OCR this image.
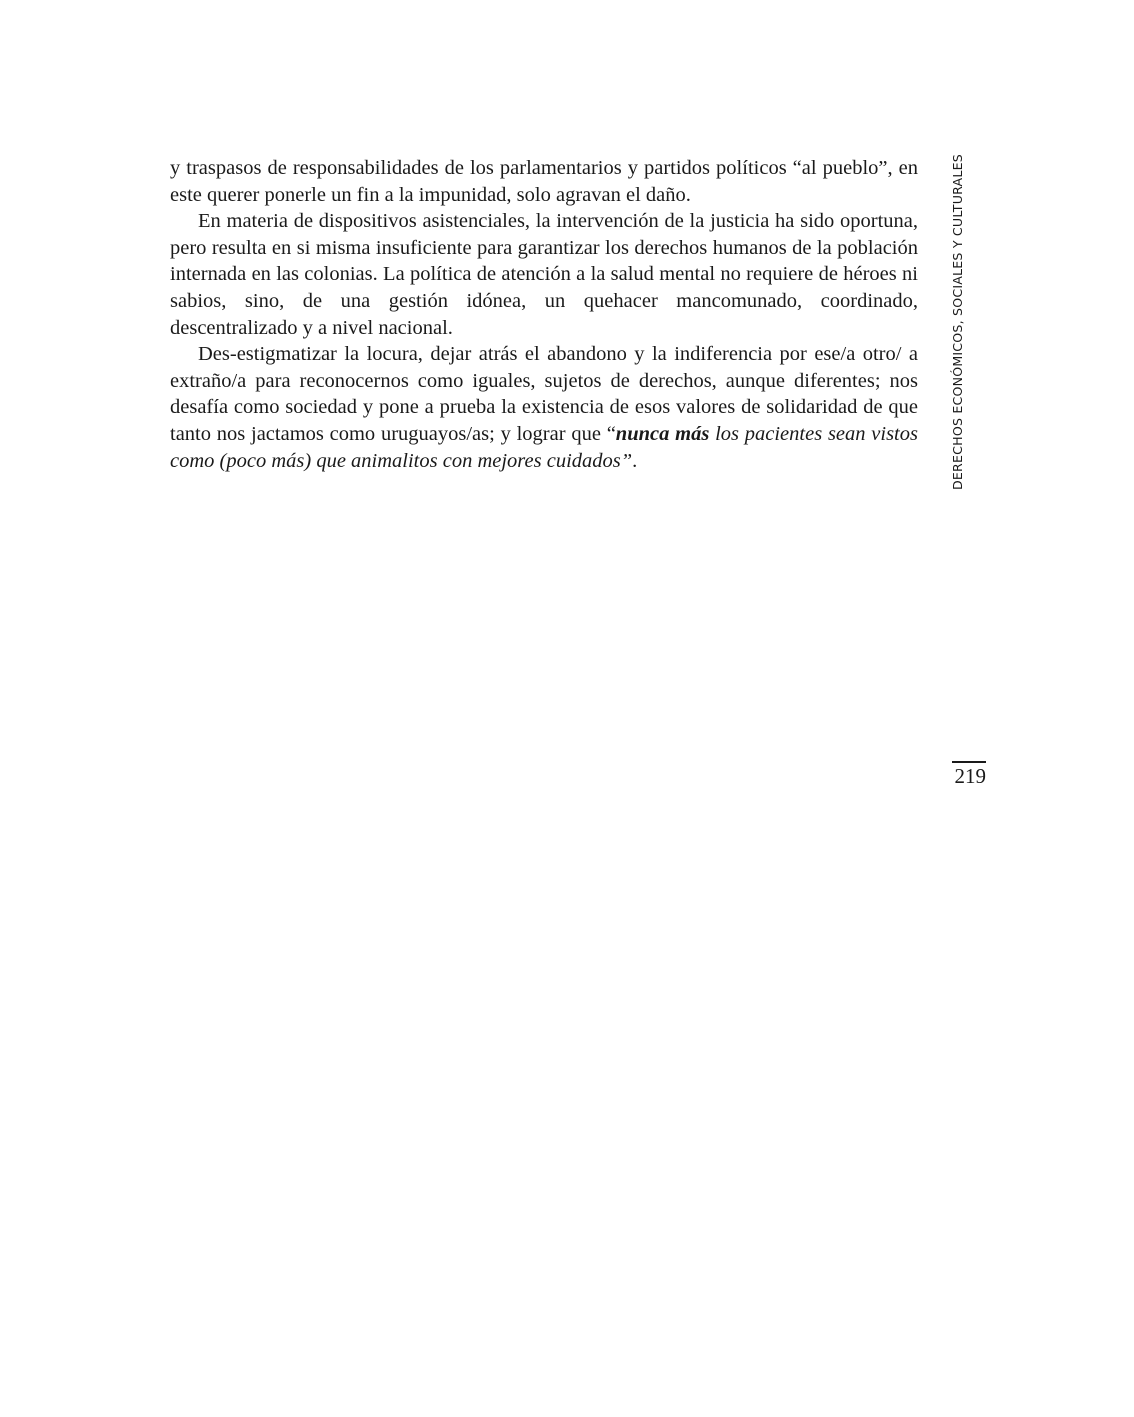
y traspasos de responsabilidades de los parlamentarios y partidos políticos “al pueblo”, en este querer ponerle un fin a la impunidad, solo agravan el daño.

En materia de dispositivos asistenciales, la intervención de la justicia ha sido oportuna, pero resulta en si misma insuficiente para garantizar los derechos humanos de la población internada en las colonias. La política de atención a la salud mental no requiere de héroes ni sabios, sino, de una gestión idónea, un quehacer mancomunado, coordinado, descentralizado y a nivel nacional.

Des-estigmatizar la locura, dejar atrás el abandono y la indiferencia por ese/a otro/ a extraño/a para reconocernos como iguales, sujetos de derechos, aunque diferentes; nos desafía como sociedad y pone a prueba la existencia de esos valores de solidaridad de que tanto nos jactamos como uruguayos/as; y lograr que “nunca más los pacientes sean vistos como (poco más) que animalitos con mejores cuidados”.	DERECHOS ECONÓMICOS, SOCIALES Y CULTURALES
219
